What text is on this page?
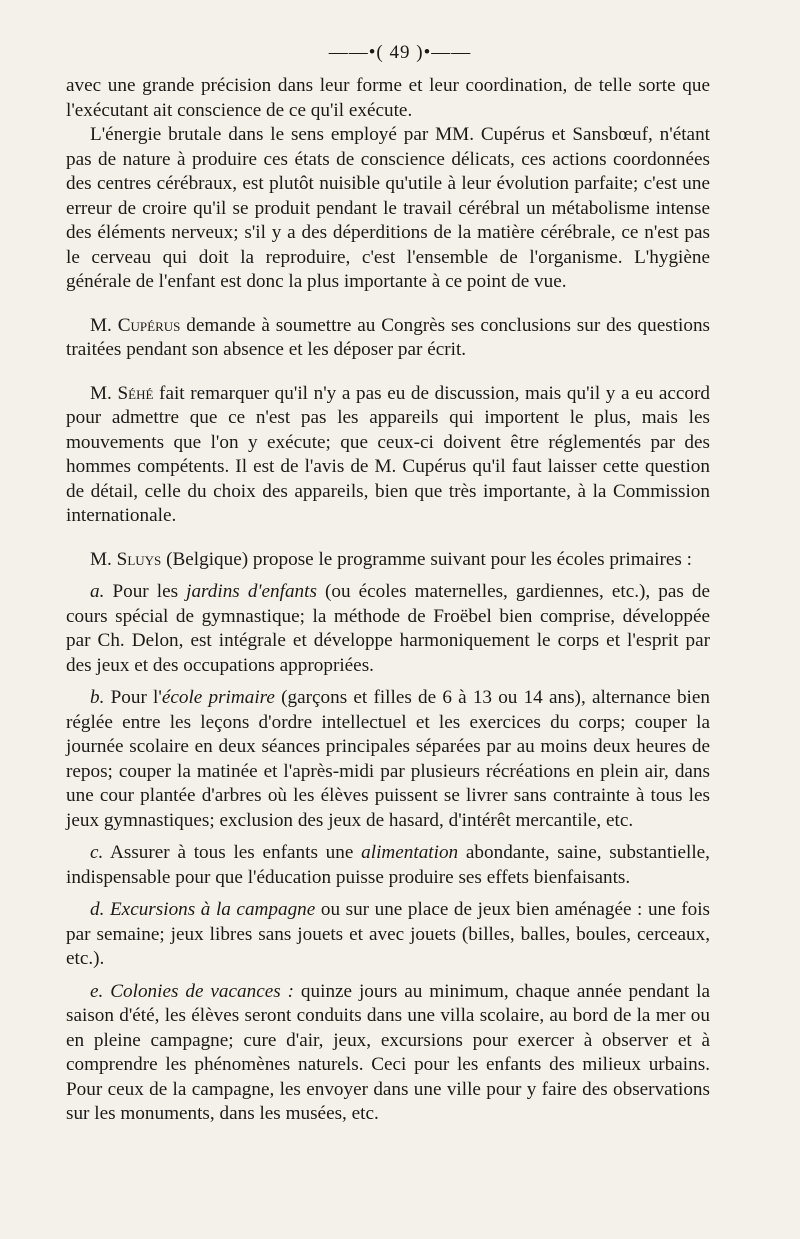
——•( 49 )•——

avec une grande précision dans leur forme et leur coordination, de telle sorte que l'exécutant ait conscience de ce qu'il exécute.

L'énergie brutale dans le sens employé par MM. Cupérus et Sansbœuf, n'étant pas de nature à produire ces états de conscience délicats, ces actions coordonnées des centres cérébraux, est plutôt nuisible qu'utile à leur évolution parfaite; c'est une erreur de croire qu'il se produit pendant le travail cérébral un métabolisme intense des éléments nerveux; s'il y a des déperditions de la matière cérébrale, ce n'est pas le cerveau qui doit la reproduire, c'est l'ensemble de l'organisme. L'hygiène générale de l'enfant est donc la plus importante à ce point de vue.

M. Cupérus demande à soumettre au Congrès ses conclusions sur des questions traitées pendant son absence et les déposer par écrit.

M. Séhé fait remarquer qu'il n'y a pas eu de discussion, mais qu'il y a eu accord pour admettre que ce n'est pas les appareils qui importent le plus, mais les mouvements que l'on y exécute; que ceux-ci doivent être réglementés par des hommes compétents. Il est de l'avis de M. Cupérus qu'il faut laisser cette question de détail, celle du choix des appareils, bien que très importante, à la Commission internationale.

M. Sluys (Belgique) propose le programme suivant pour les écoles primaires :

a. Pour les jardins d'enfants (ou écoles maternelles, gardiennes, etc.), pas de cours spécial de gymnastique; la méthode de Froëbel bien comprise, développée par Ch. Delon, est intégrale et développe harmoniquement le corps et l'esprit par des jeux et des occupations appropriées.

b. Pour l'école primaire (garçons et filles de 6 à 13 ou 14 ans), alternance bien réglée entre les leçons d'ordre intellectuel et les exercices du corps; couper la journée scolaire en deux séances principales séparées par au moins deux heures de repos; couper la matinée et l'après-midi par plusieurs récréations en plein air, dans une cour plantée d'arbres où les élèves puissent se livrer sans contrainte à tous les jeux gymnastiques; exclusion des jeux de hasard, d'intérêt mercantile, etc.

c. Assurer à tous les enfants une alimentation abondante, saine, substantielle, indispensable pour que l'éducation puisse produire ses effets bienfaisants.

d. Excursions à la campagne ou sur une place de jeux bien aménagée : une fois par semaine; jeux libres sans jouets et avec jouets (billes, balles, boules, cerceaux, etc.).

e. Colonies de vacances : quinze jours au minimum, chaque année pendant la saison d'été, les élèves seront conduits dans une villa scolaire, au bord de la mer ou en pleine campagne; cure d'air, jeux, excursions pour exercer à observer et à comprendre les phénomènes naturels. Ceci pour les enfants des milieux urbains. Pour ceux de la campagne, les envoyer dans une ville pour y faire des observations sur les monuments, dans les musées, etc.
